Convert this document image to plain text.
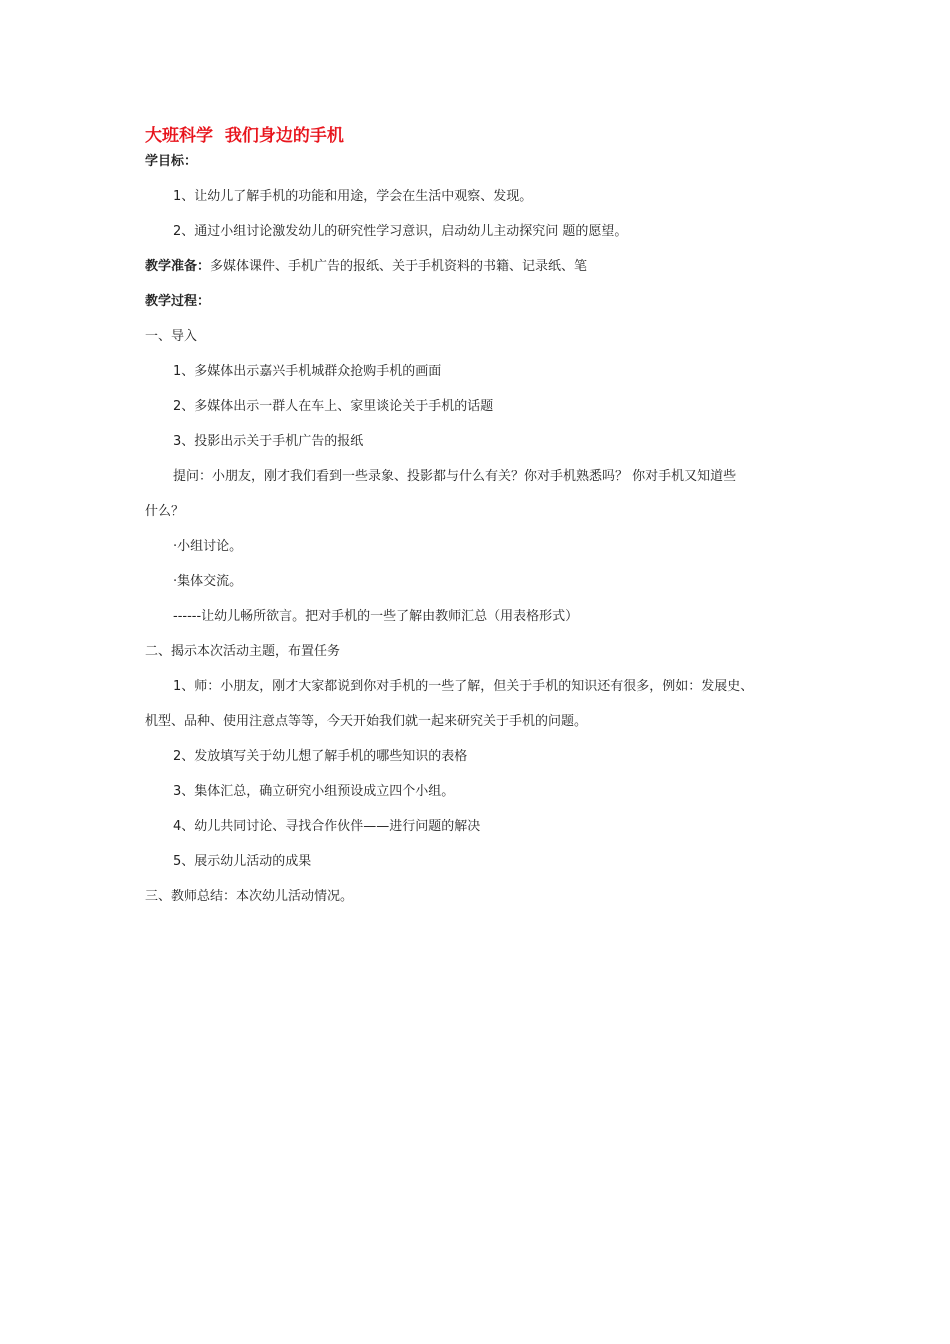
大班科学  我们身边的手机
学目标：
1、让幼儿了解手机的功能和用途，学会在生活中观察、发现。
2、通过小组讨论激发幼儿的研究性学习意识，启动幼儿主动探究问 题的愿望。
教学准备：多媒体课件、手机广告的报纸、关于手机资料的书籍、记录纸、笔
教学过程：
一、导入
1、多媒体出示嘉兴手机城群众抢购手机的画面
2、多媒体出示一群人在车上、家里谈论关于手机的话题
3、投影出示关于手机广告的报纸
提问：小朋友，刚才我们看到一些录象、投影都与什么有关？你对手机熟悉吗？ 你对手机又知道些
什么？
·小组讨论。
·集体交流。
------让幼儿畅所欲言。把对手机的一些了解由教师汇总（用表格形式）
二、揭示本次活动主题，布置任务
1、师：小朋友，刚才大家都说到你对手机的一些了解，但关于手机的知识还有很多，例如：发展史、
机型、品种、使用注意点等等，今天开始我们就一起来研究关于手机的问题。
2、发放填写关于幼儿想了解手机的哪些知识的表格
3、集体汇总，确立研究小组预设成立四个小组。
4、幼儿共同讨论、寻找合作伙伴——进行问题的解决
5、展示幼儿活动的成果
三、教师总结：本次幼儿活动情况。
